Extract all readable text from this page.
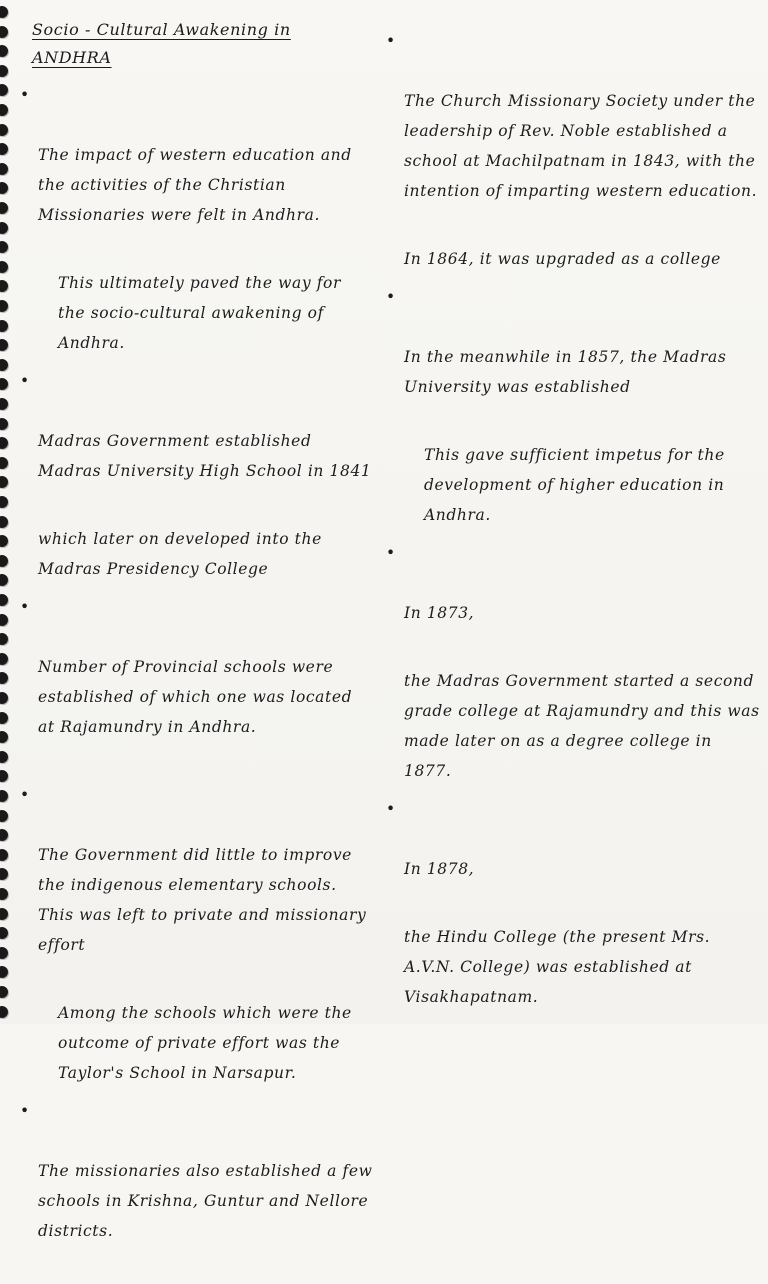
Socio - Cultural Awakening in ANDHRA

•

The impact of western education and the activities of the Christian Missionaries were felt in Andhra.

This ultimately paved the way for the socio-cultural awakening of Andhra.

•

Madras Government established Madras University High School in 1841

which later on developed into the Madras Presidency College

•

Number of Provincial schools were established of which one was located at Rajamundry in Andhra.

•

The Government did little to improve the indigenous elementary schools. This was left to private and missionary effort

Among the schools which were the outcome of private effort was the Taylor's School in Narsapur.

•

The missionaries also established a few schools in Krishna, Guntur and Nellore districts.

•

The Church Missionary Society under the leadership of Rev. Noble established a school at Machilpatnam in 1843, with the intention of imparting western education.

In 1864, it was upgraded as a college

•

In the meanwhile in 1857, the Madras University was established

This gave sufficient impetus for the development of higher education in Andhra.

•

In 1873,

the Madras Government started a second grade college at Rajamundry and this was made later on as a degree college in 1877.

•

In 1878,

the Hindu College (the present Mrs. A.V.N. College) was established at Visakhapatnam.
